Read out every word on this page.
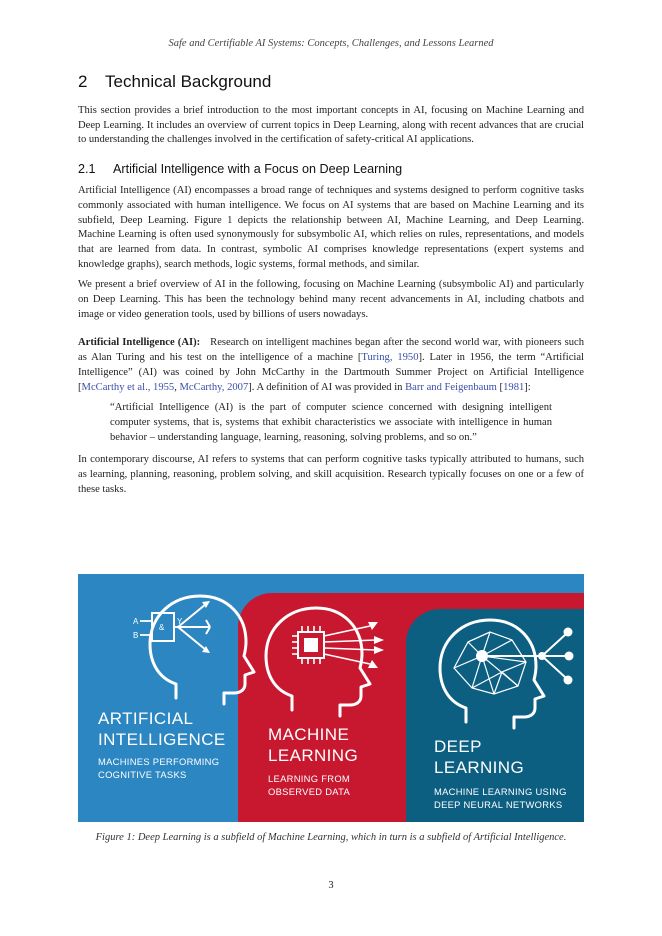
Safe and Certifiable AI Systems: Concepts, Challenges, and Lessons Learned
2 Technical Background

This section provides a brief introduction to the most important concepts in AI, focusing on Machine Learning and Deep Learning. It includes an overview of current topics in Deep Learning, along with recent advances that are crucial to understanding the challenges involved in the certification of safety-critical AI applications.

2.1 Artificial Intelligence with a Focus on Deep Learning

Artificial Intelligence (AI) encompasses a broad range of techniques and systems designed to perform cognitive tasks commonly associated with human intelligence. We focus on AI systems that are based on Machine Learning and its subfield, Deep Learning. Figure 1 depicts the relationship between AI, Machine Learning, and Deep Learning. Machine Learning is often used synonymously for subsymbolic AI, which relies on rules, representations, and models that are learned from data. In contrast, symbolic AI comprises knowledge representations (expert systems and knowledge graphs), search methods, logic systems, formal methods, and similar.

We present a brief overview of AI in the following, focusing on Machine Learning (subsymbolic AI) and particularly on Deep Learning. This has been the technology behind many recent advancements in AI, including chatbots and image or video generation tools, used by billions of users nowadays.

Artificial Intelligence (AI): Research on intelligent machines began after the second world war, with pioneers such as Alan Turing and his test on the intelligence of a machine [Turing, 1950]. Later in 1956, the term “Artificial Intelligence” (AI) was coined by John McCarthy in the Dartmouth Summer Project on Artificial Intelligence [McCarthy et al., 1955, McCarthy, 2007]. A definition of AI was provided in Barr and Feigenbaum [1981]:

“Artificial Intelligence (AI) is the part of computer science concerned with designing intelligent computer systems, that is, systems that exhibit characteristics we associate with intelligence in human behavior – understanding language, learning, reasoning, solving problems, and so on.”

In contemporary discourse, AI refers to systems that can perform cognitive tasks typically attributed to humans, such as learning, planning, reasoning, problem solving, and skill acquisition. Research typically focuses on one or a few of these tasks.

A
B
&
Y
ARTIFICIAL
INTELLIGENCE
MACHINES PERFORMING
COGNITIVE TASKS
MACHINE
LEARNING
LEARNING FROM
OBSERVED DATA
DEEP
LEARNING
MACHINE LEARNING USING
DEEP NEURAL NETWORKS
Figure 1: Deep Learning is a subfield of Machine Learning, which in turn is a subfield of Artificial Intelligence.
3
